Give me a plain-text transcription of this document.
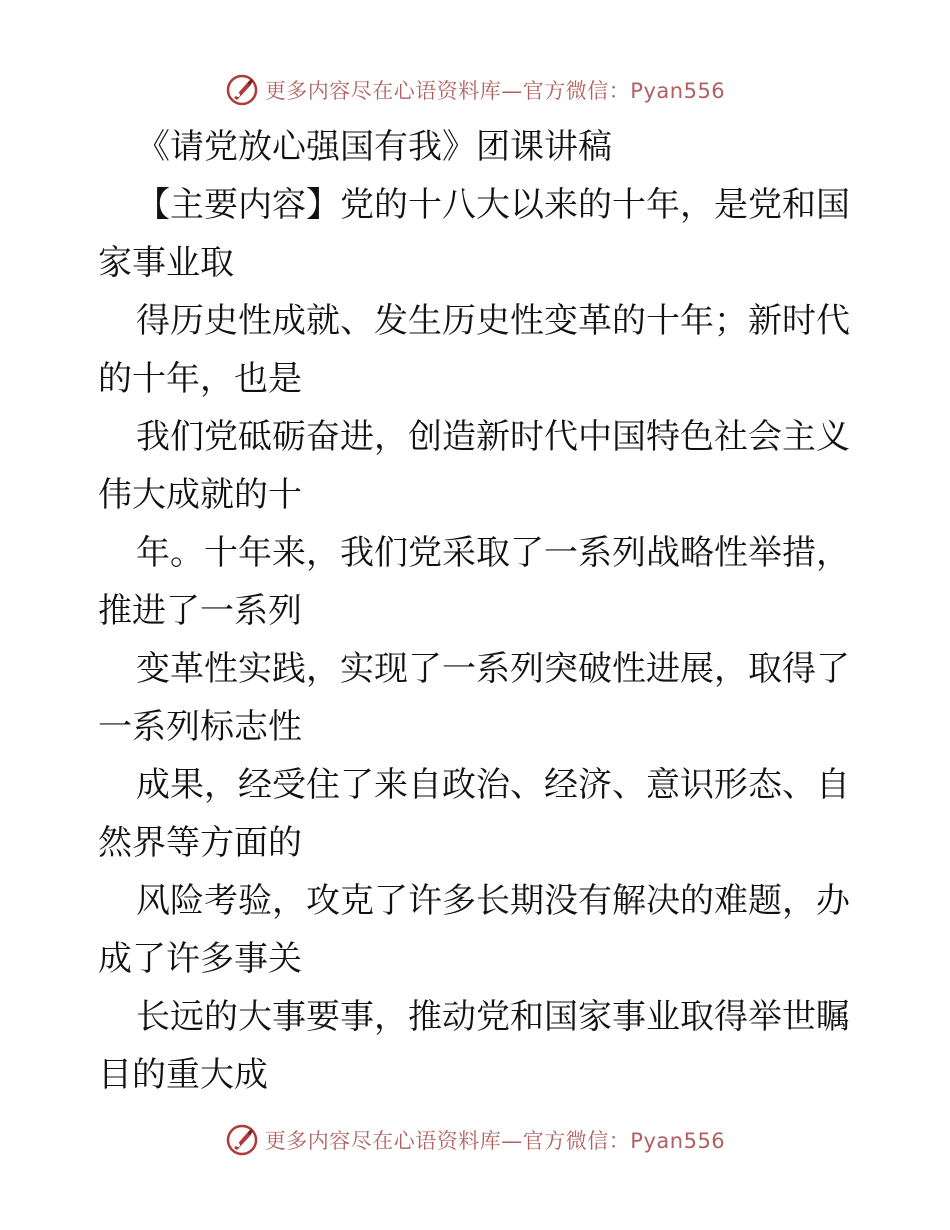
更多内容尽在心语资料库—官方微信：Pyan556
《请党放心强国有我》团课讲稿

【主要内容】党的十八大以来的十年，是党和国
家事业取

得历史性成就、发生历史性变革的十年；新时代
的十年，也是

我们党砥砺奋进，创造新时代中国特色社会主义
伟大成就的十

年。十年来，我们党采取了一系列战略性举措，
推进了一系列

变革性实践，实现了一系列突破性进展，取得了
一系列标志性

成果，经受住了来自政治、经济、意识形态、自
然界等方面的

风险考验，攻克了许多长期没有解决的难题，办
成了许多事关

长远的大事要事，推动党和国家事业取得举世瞩
目的重大成

更多内容尽在心语资料库—官方微信：Pyan556
